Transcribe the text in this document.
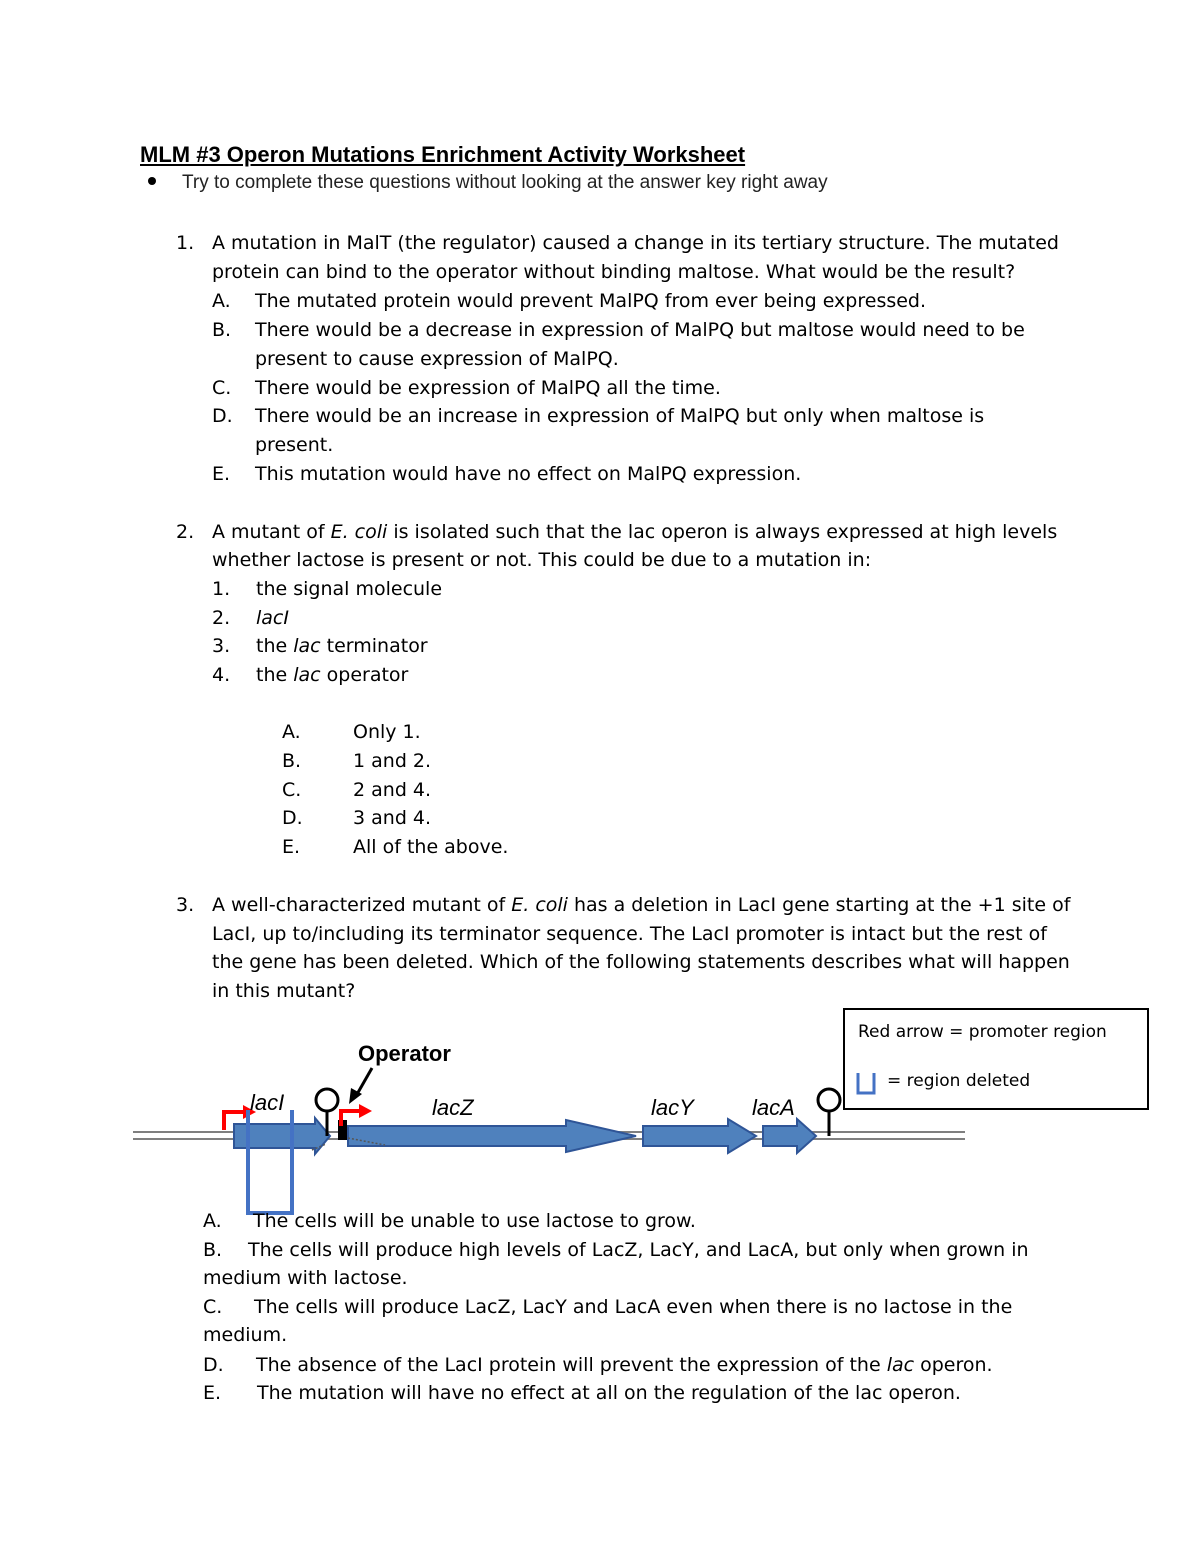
MLM #3 Operon Mutations Enrichment Activity Worksheet
Try to complete these questions without looking at the answer key right away
1. A mutation in MalT (the regulator) caused a change in its tertiary structure. The mutated
protein can bind to the operator without binding maltose. What would be the result?
A. The mutated protein would prevent MalPQ from ever being expressed.
B. There would be a decrease in expression of MalPQ but maltose would need to be
present to cause expression of MalPQ.
C. There would be expression of MalPQ all the time.
D. There would be an increase in expression of MalPQ but only when maltose is
present.
E. This mutation would have no effect on MalPQ expression.
2. A mutant of E. coli is isolated such that the lac operon is always expressed at high levels
whether lactose is present or not. This could be due to a mutation in:
1. the signal molecule
2. lacI
3. the lac terminator
4. the lac operator
A.	Only 1.
B.	1 and 2.
C.	2 and 4.
D.	3 and 4.
E.	All of the above.
3. A well-characterized mutant of E. coli has a deletion in LacI gene starting at the +1 site of
LacI, up to/including its terminator sequence. The LacI promoter is intact but the rest of
the gene has been deleted. Which of the following statements describes what will happen
in this mutant?
Red arrow = promoter region
= region deleted
Operator
lacI	lacZ	lacY	lacA
A. The cells will be unable to use lactose to grow.
B. The cells will produce high levels of LacZ, LacY, and LacA, but only when grown in
medium with lactose.
C. The cells will produce LacZ, LacY and LacA even when there is no lactose in the
medium.
D. The absence of the LacI protein will prevent the expression of the lac operon.
E. The mutation will have no effect at all on the regulation of the lac operon.
